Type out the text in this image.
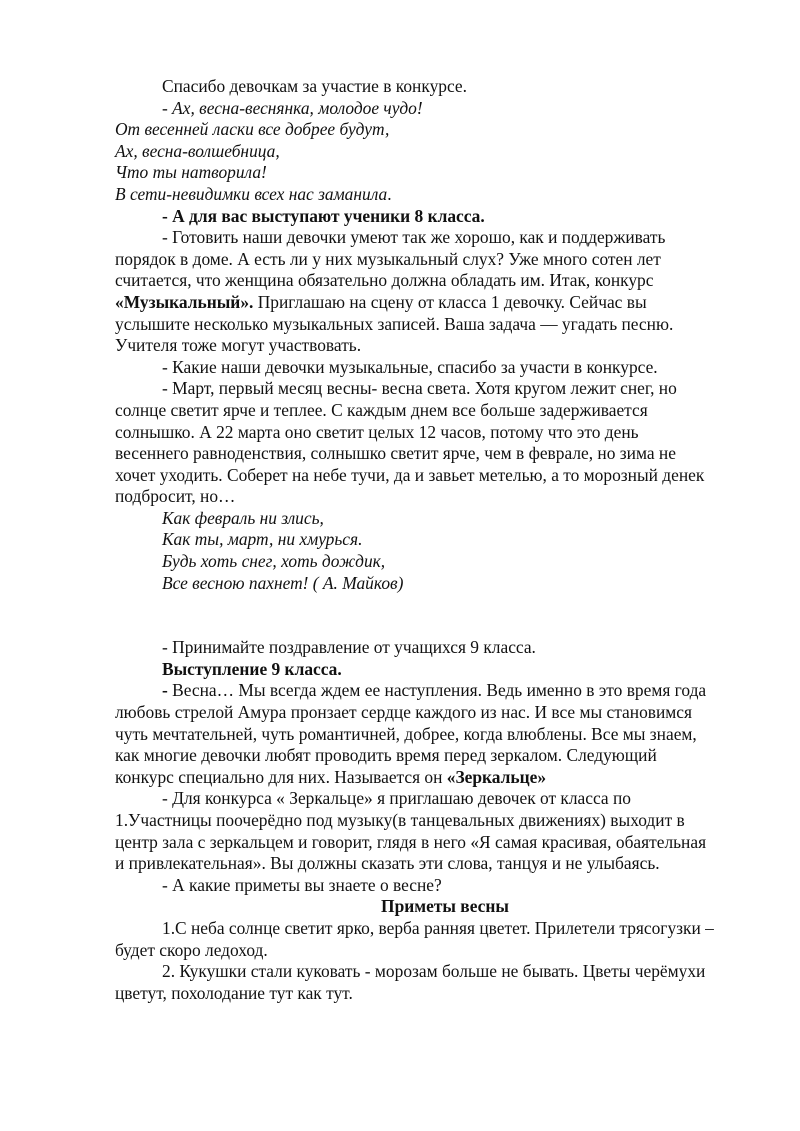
Спасибо девочкам за участие в конкурсе.

- Ах, весна-веснянка, молодое чудо!

От весенней ласки все добрее будут,

Ах, весна-волшебница,

Что ты натворила!

В сети-невидимки всех нас заманила.

- А для вас выступают ученики 8 класса.

- Готовить наши девочки умеют так же хорошо, как и поддерживать порядок в доме. А есть ли у них музыкальный слух? Уже много сотен лет считается, что женщина обязательно должна обладать им. Итак, конкурс «Музыкальный». Приглашаю на сцену от класса 1 девочку. Сейчас вы услышите несколько музыкальных записей. Ваша задача — угадать песню. Учителя тоже могут участвовать.

- Какие наши девочки музыкальные, спасибо за участи в конкурсе.

- Март, первый месяц весны- весна света. Хотя кругом лежит снег, но солнце светит ярче и теплее. С каждым днем все больше задерживается солнышко. А 22 марта оно светит целых 12 часов, потому что это день весеннего равноденствия, солнышко светит ярче, чем в феврале, но зима не хочет уходить. Соберет на небе тучи, да и завьет метелью, а то морозный денек подбросит, но…

Как февраль ни злись,

Как ты, март, ни хмурься.

Будь хоть снег, хоть дождик,

Все весною пахнет! ( А. Майков)

- Принимайте поздравление от учащихся 9 класса.

Выступление 9 класса.

- Весна… Мы всегда ждем ее наступления. Ведь именно в это время года любовь стрелой Амура пронзает сердце каждого из нас. И все мы становимся чуть мечтательней, чуть романтичней, добрее, когда влюблены. Все мы знаем, как многие девочки любят проводить время перед зеркалом. Следующий конкурс специально для них. Называется он «Зеркальце»

- Для конкурса « Зеркальце» я приглашаю девочек от класса по 1.Участницы поочерёдно под музыку(в танцевальных движениях) выходит в центр зала с зеркальцем и говорит, глядя в него «Я самая красивая, обаятельная и привлекательная». Вы должны сказать эти слова, танцуя и не улыбаясь.

- А какие приметы вы знаете о весне?

Приметы весны

1.С неба солнце светит ярко, верба ранняя цветет. Прилетели трясогузки – будет скоро ледоход.

2. Кукушки стали куковать - морозам больше не бывать. Цветы черёмухи цветут, похолодание тут как тут.
